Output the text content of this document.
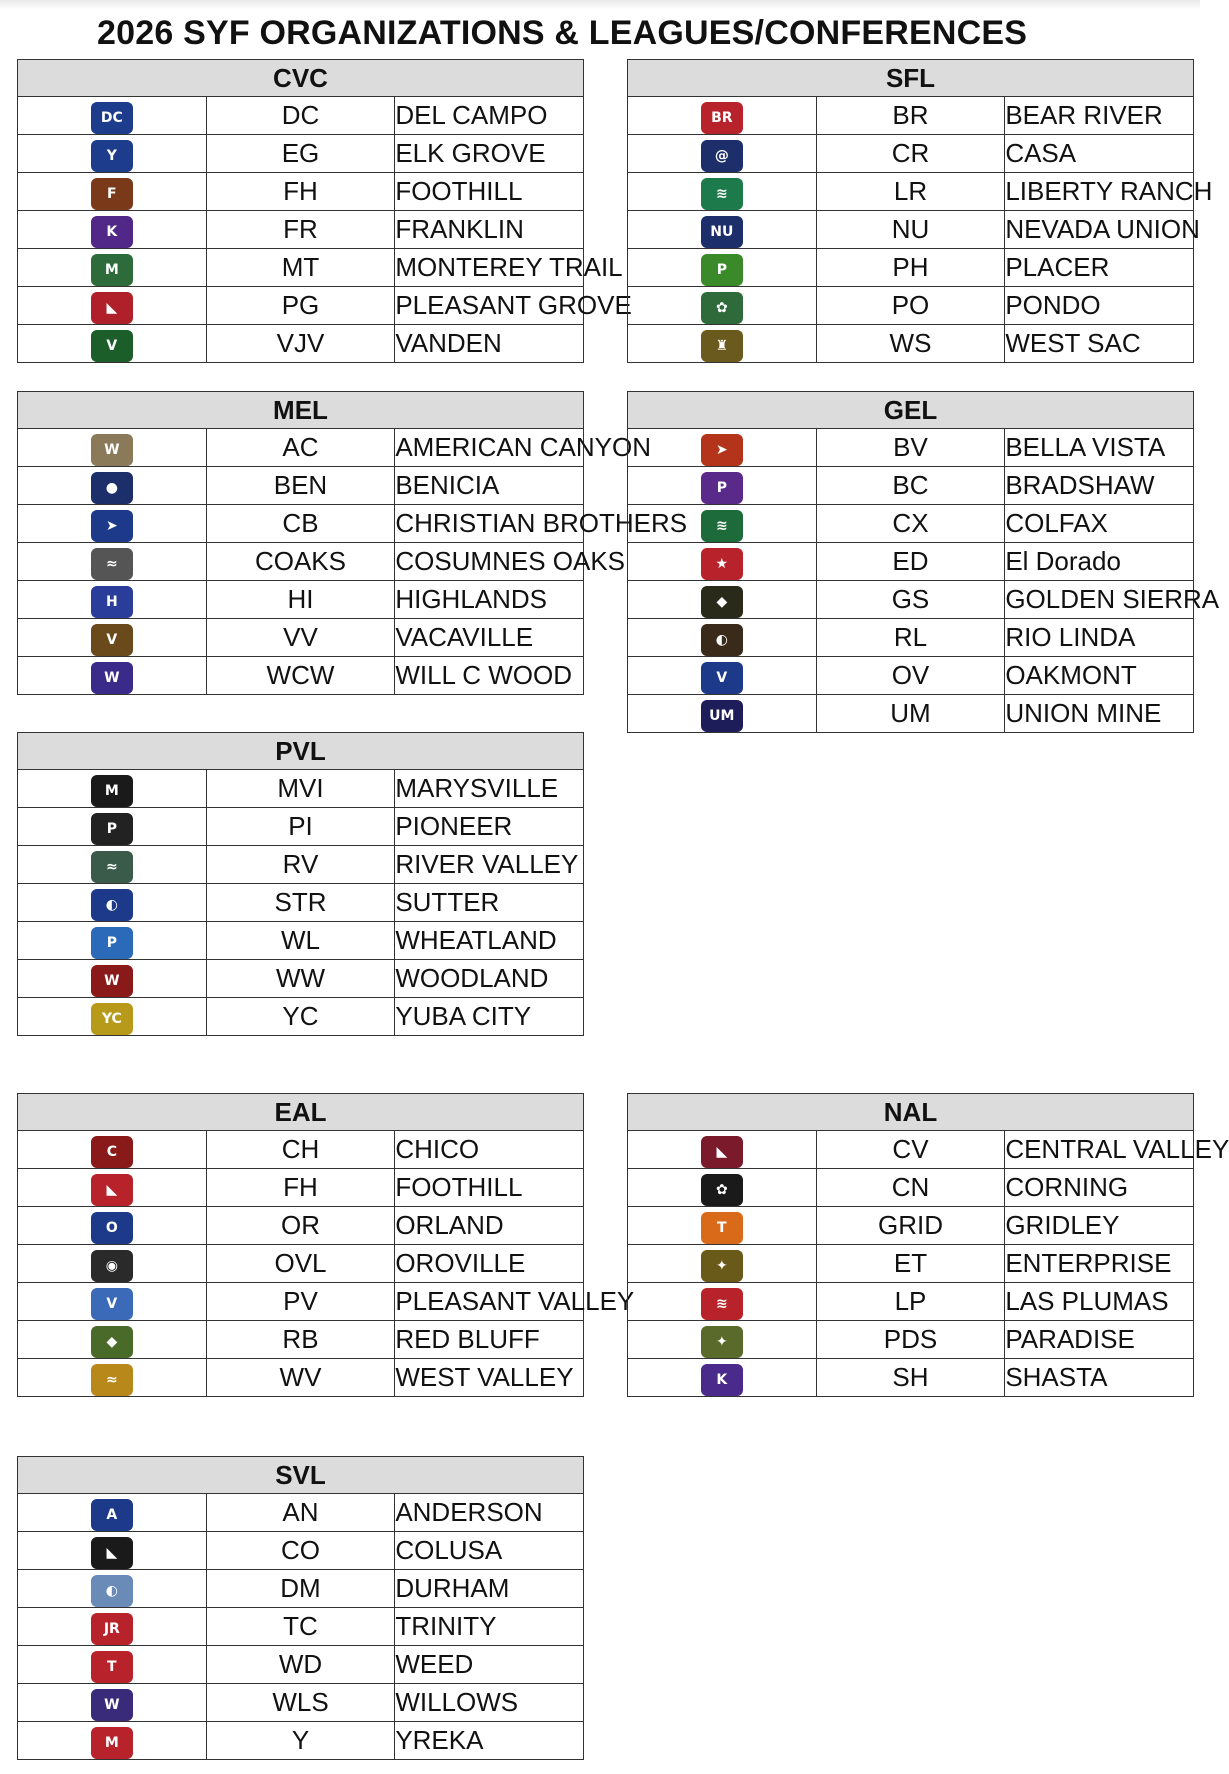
2026 SYF ORGANIZATIONS & LEAGUES/CONFERENCES
CVC		
DC	DC	DEL CAMPO
Y	EG	ELK GROVE
F	FH	FOOTHILL
K	FR	FRANKLIN
M	MT	MONTEREY TRAIL
◣	PG	PLEASANT GROVE
V	VJV	VANDEN
SFL		
BR	BR	BEAR RIVER
@	CR	CASA
≋	LR	LIBERTY RANCH
NU	NU	NEVADA UNION
P	PH	PLACER
✿	PO	PONDO
♜	WS	WEST SAC
MEL		
W	AC	AMERICAN CANYON
●	BEN	BENICIA
➤	CB	CHRISTIAN BROTHERS
≈	COAKS	COSUMNES OAKS
H	HI	HIGHLANDS
V	VV	VACAVILLE
W	WCW	WILL C WOOD
GEL		
➤	BV	BELLA VISTA
P	BC	BRADSHAW
≋	CX	COLFAX
★	ED	El Dorado
◆	GS	GOLDEN SIERRA
◐	RL	RIO LINDA
V	OV	OAKMONT
UM	UM	UNION MINE
PVL		
M	MVI	MARYSVILLE
P	PI	PIONEER
≈	RV	RIVER VALLEY
◐	STR	SUTTER
P	WL	WHEATLAND
W	WW	WOODLAND
YC	YC	YUBA CITY
EAL		
C	CH	CHICO
◣	FH	FOOTHILL
O	OR	ORLAND
◉	OVL	OROVILLE
V	PV	PLEASANT VALLEY
◆	RB	RED BLUFF
≈	WV	WEST VALLEY
NAL		
◣	CV	CENTRAL VALLEY
✿	CN	CORNING
T	GRID	GRIDLEY
✦	ET	ENTERPRISE
≋	LP	LAS PLUMAS
✦	PDS	PARADISE
K	SH	SHASTA
SVL		
A	AN	ANDERSON
◣	CO	COLUSA
◐	DM	DURHAM
JR	TC	TRINITY
T	WD	WEED
W	WLS	WILLOWS
M	Y	YREKA
